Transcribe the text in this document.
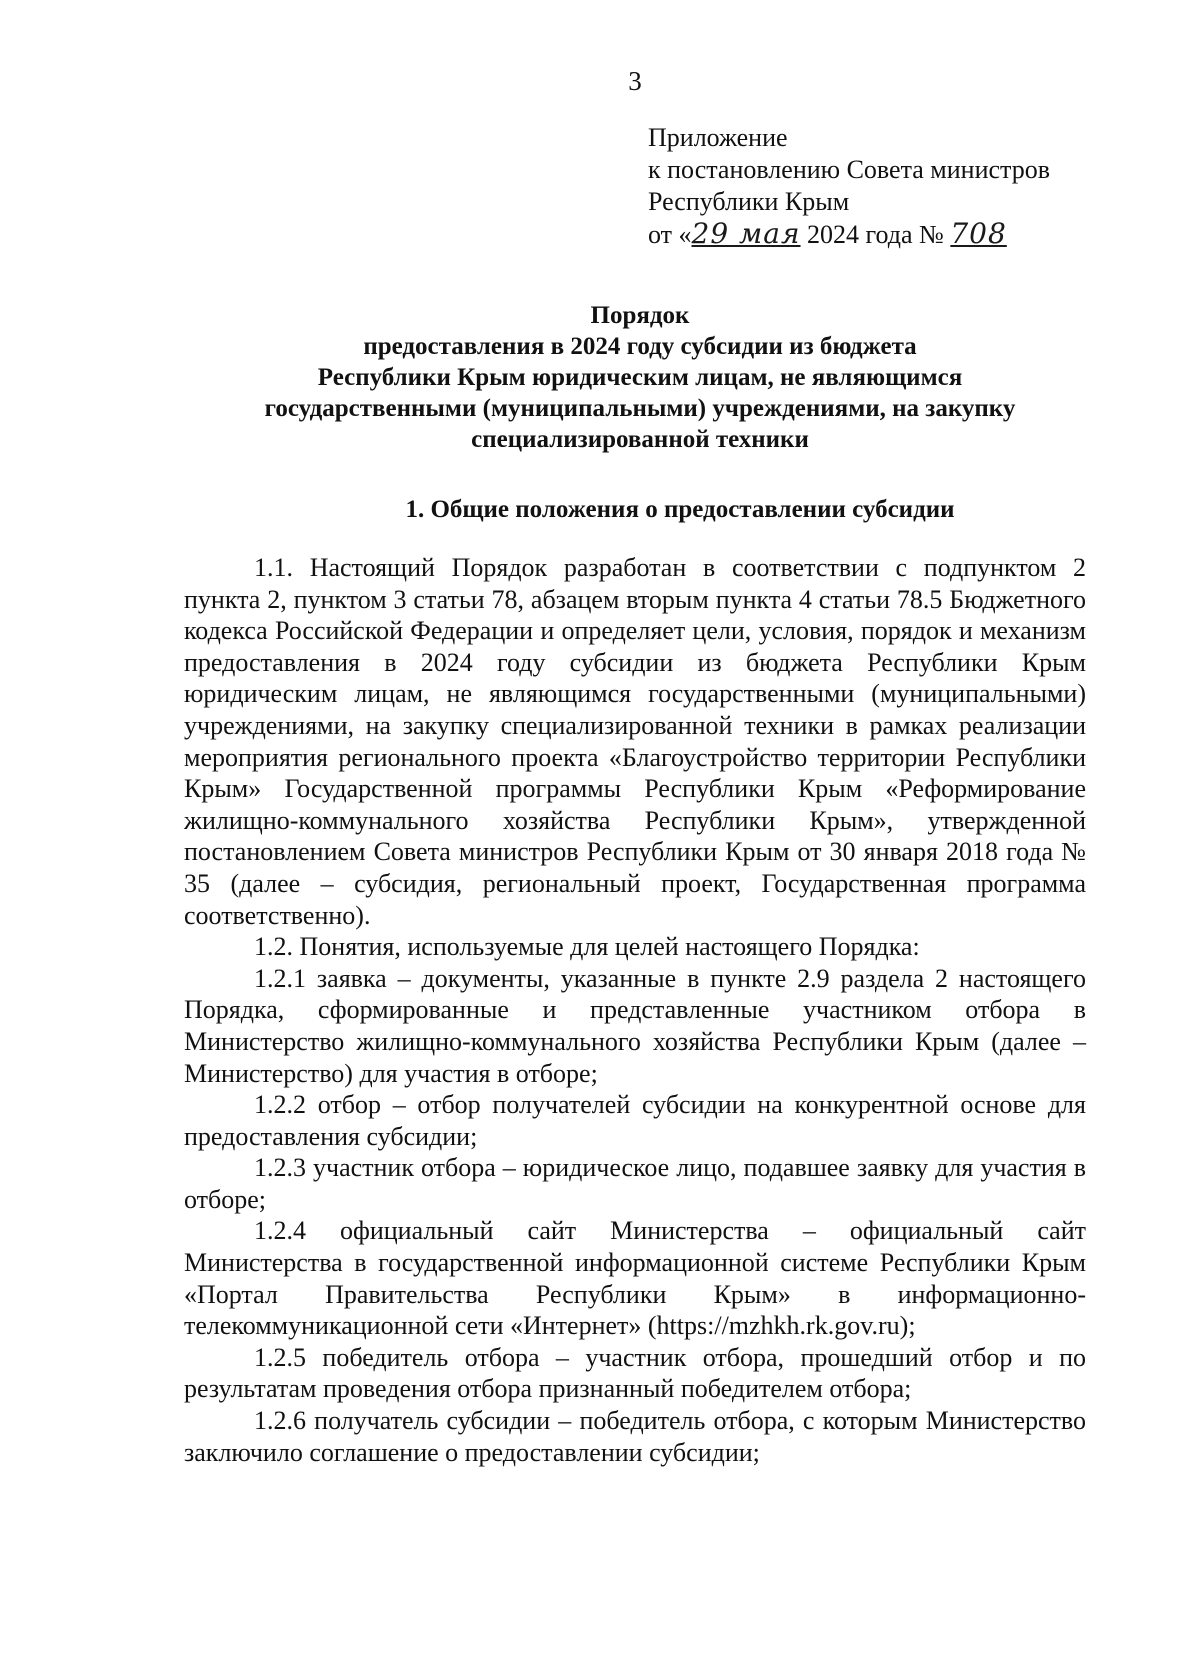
3
Приложение
к постановлению Совета министров
Республики Крым
от «29 мая 2024 года № 708
Порядок
предоставления в 2024 году субсидии из бюджета
Республики Крым юридическим лицам, не являющимся
государственными (муниципальными) учреждениями, на закупку
специализированной техники
1. Общие положения о предоставлении субсидии

1.1. Настоящий Порядок разработан в соответствии с подпунктом 2 пункта 2, пунктом 3 статьи 78, абзацем вторым пункта 4 статьи 78.5 Бюджетного кодекса Российской Федерации и определяет цели, условия, порядок и механизм предоставления в 2024 году субсидии из бюджета Республики Крым юридическим лицам, не являющимся государственными (муниципальными) учреждениями, на закупку специализированной техники в рамках реализации мероприятия регионального проекта «Благоустройство территории Республики Крым» Государственной программы Республики Крым «Реформирование жилищно-коммунального хозяйства Республики Крым», утвержденной постановлением Совета министров Республики Крым от 30 января 2018 года № 35 (далее – субсидия, региональный проект, Государственная программа соответственно).

1.2. Понятия, используемые для целей настоящего Порядка:

1.2.1 заявка – документы, указанные в пункте 2.9 раздела 2 настоящего Порядка, сформированные и представленные участником отбора в Министерство жилищно-коммунального хозяйства Республики Крым (далее – Министерство) для участия в отборе;

1.2.2 отбор – отбор получателей субсидии на конкурентной основе для предоставления субсидии;

1.2.3 участник отбора – юридическое лицо, подавшее заявку для участия в отборе;

1.2.4 официальный сайт Министерства – официальный сайт Министерства в государственной информационной системе Республики Крым «Портал Правительства Республики Крым» в информационно-телекоммуникационной сети «Интернет» (https://mzhkh.rk.gov.ru);

1.2.5 победитель отбора – участник отбора, прошедший отбор и по результатам проведения отбора признанный победителем отбора;

1.2.6 получатель субсидии – победитель отбора, с которым Министерство заключило соглашение о предоставлении субсидии;
